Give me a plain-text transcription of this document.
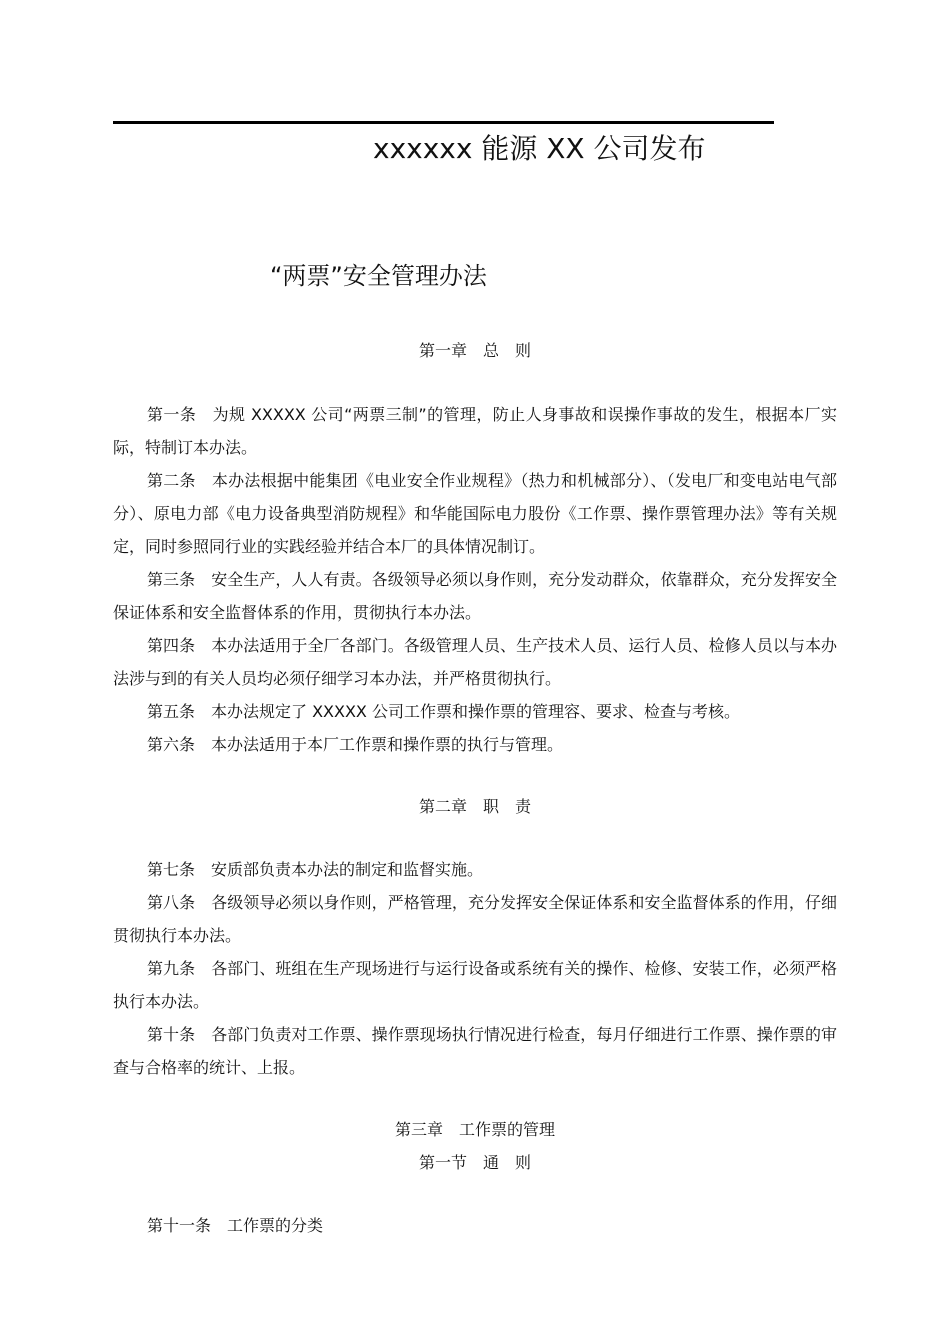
xxxxxx 能源 XX 公司发布
“两票”安全管理办法
第一章　总　则
第一条　为规 XXXXX 公司“两票三制”的管理，防止人身事故和误操作事故的发生，根据本厂实际，特制订本办法。
第二条　本办法根据中能集团《电业安全作业规程》（热力和机械部分）、（发电厂和变电站电气部分）、原电力部《电力设备典型消防规程》和华能国际电力股份《工作票、操作票管理办法》等有关规定，同时参照同行业的实践经验并结合本厂的具体情况制订。
第三条　安全生产，人人有责。各级领导必须以身作则，充分发动群众，依靠群众，充分发挥安全保证体系和安全监督体系的作用，贯彻执行本办法。
第四条　本办法适用于全厂各部门。各级管理人员、生产技术人员、运行人员、检修人员以与本办法涉与到的有关人员均必须仔细学习本办法，并严格贯彻执行。
第五条　本办法规定了 XXXXX 公司工作票和操作票的管理容、要求、检查与考核。
第六条　本办法适用于本厂工作票和操作票的执行与管理。
第二章　职　责
第七条　安质部负责本办法的制定和监督实施。
第八条　各级领导必须以身作则，严格管理，充分发挥安全保证体系和安全监督体系的作用，仔细贯彻执行本办法。
第九条　各部门、班组在生产现场进行与运行设备或系统有关的操作、检修、安装工作，必须严格执行本办法。
第十条　各部门负责对工作票、操作票现场执行情况进行检查，每月仔细进行工作票、操作票的审查与合格率的统计、上报。
第三章　工作票的管理
第一节　通　则
第十一条　工作票的分类
